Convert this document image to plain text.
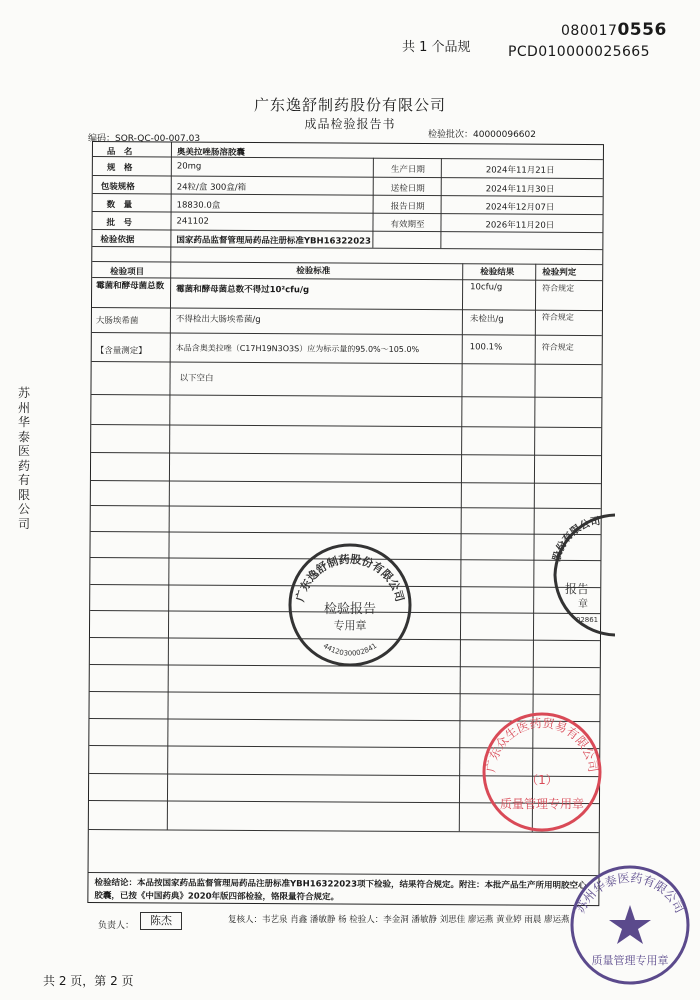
0800170556
共 1 个品规	PCD010000025665
广东逸舒制药股份有限公司
成品检验报告书
编码：SOR-QC-00-007.03	检验批次：40000096602
苏州华泰医药有限公司
品　名	奥美拉唑肠溶胶囊
规　格	20mg	生产日期	2024年11月21日
包装规格	24粒/盒 300盒/箱	送检日期	2024年11月30日
数　量	18830.0盒	报告日期	2024年12月07日
批　号	241102	有效期至	2026年11月20日
检验依据	国家药品监督管理局药品注册标准YBH16322023
检验项目	检验标准	检验结果	检验判定
霉菌和酵母菌总数	霉菌和酵母菌总数不得过10²cfu/g	10cfu/g	符合规定
大肠埃希菌	不得检出大肠埃希菌/g	未检出/g	符合规定
【含量测定】	本品含奥美拉唑（C17H19N3O3S）应为标示量的95.0%～105.0%	100.1%	符合规定
以下空白
检验结论：本品按国家药品监督管理局药品注册标准YBH16322023项下检验，结果符合规定。附注：本批产品生产所用明胶空心胶囊，已按《中国药典》2020年版四部检验，铬限量符合规定。
负责人：	陈杰	复核人：韦艺泉 肖鑫 潘敏静 杨 检验人：李金洞 潘敏静 刘思佳 廖运燕 黄业婷 雨晨 廖运燕
共 2 页，第 2 页
广东逸舒制药股份有限公司
检验报告
专用章
4412030002841
股份有限公司
报告
章
02861
广东众生医药贸易有限公司
（1）
质量管理专用章
苏州华泰医药有限公司
质量管理专用章
